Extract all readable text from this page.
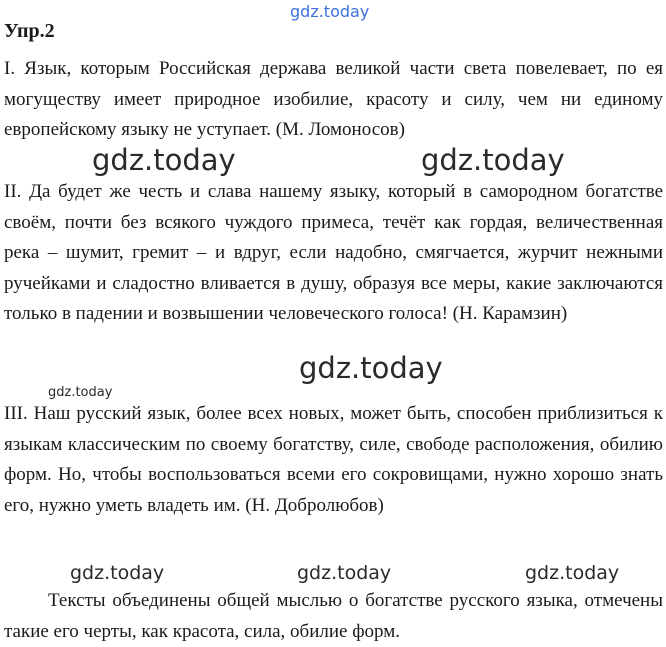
gdz.today
Упр.2

I. Язык, которым Российская держава великой части света повелевает, по ея могуществу имеет природное изобилие, красоту и силу, чем ни единому европейскому языку не уступает. (М. Ломоносов)

gdz.today	gdz.today

II. Да будет же честь и слава нашему языку, который в самородном богатстве своём, почти без всякого чуждого примеса, течёт как гордая, величественная река – шумит, гремит – и вдруг, если надобно, смягчается, журчит нежными ручейками и сладостно вливается в душу, образуя все меры, какие заключаются только в падении и возвышении человеческого голоса! (Н. Карамзин)

gdz.today
gdz.today

III. Наш русский язык, более всех новых, может быть, способен приблизиться к языкам классическим по своему богатству, силе, свободе расположения, обилию форм. Но, чтобы воспользоваться всеми его сокровищами, нужно хорошо знать его, нужно уметь владеть им. (Н. Добролюбов)

gdz.today	gdz.today	gdz.today

Тексты объединены общей мыслью о богатстве русского языка, отмечены такие его черты, как красота, сила, обилие форм.
